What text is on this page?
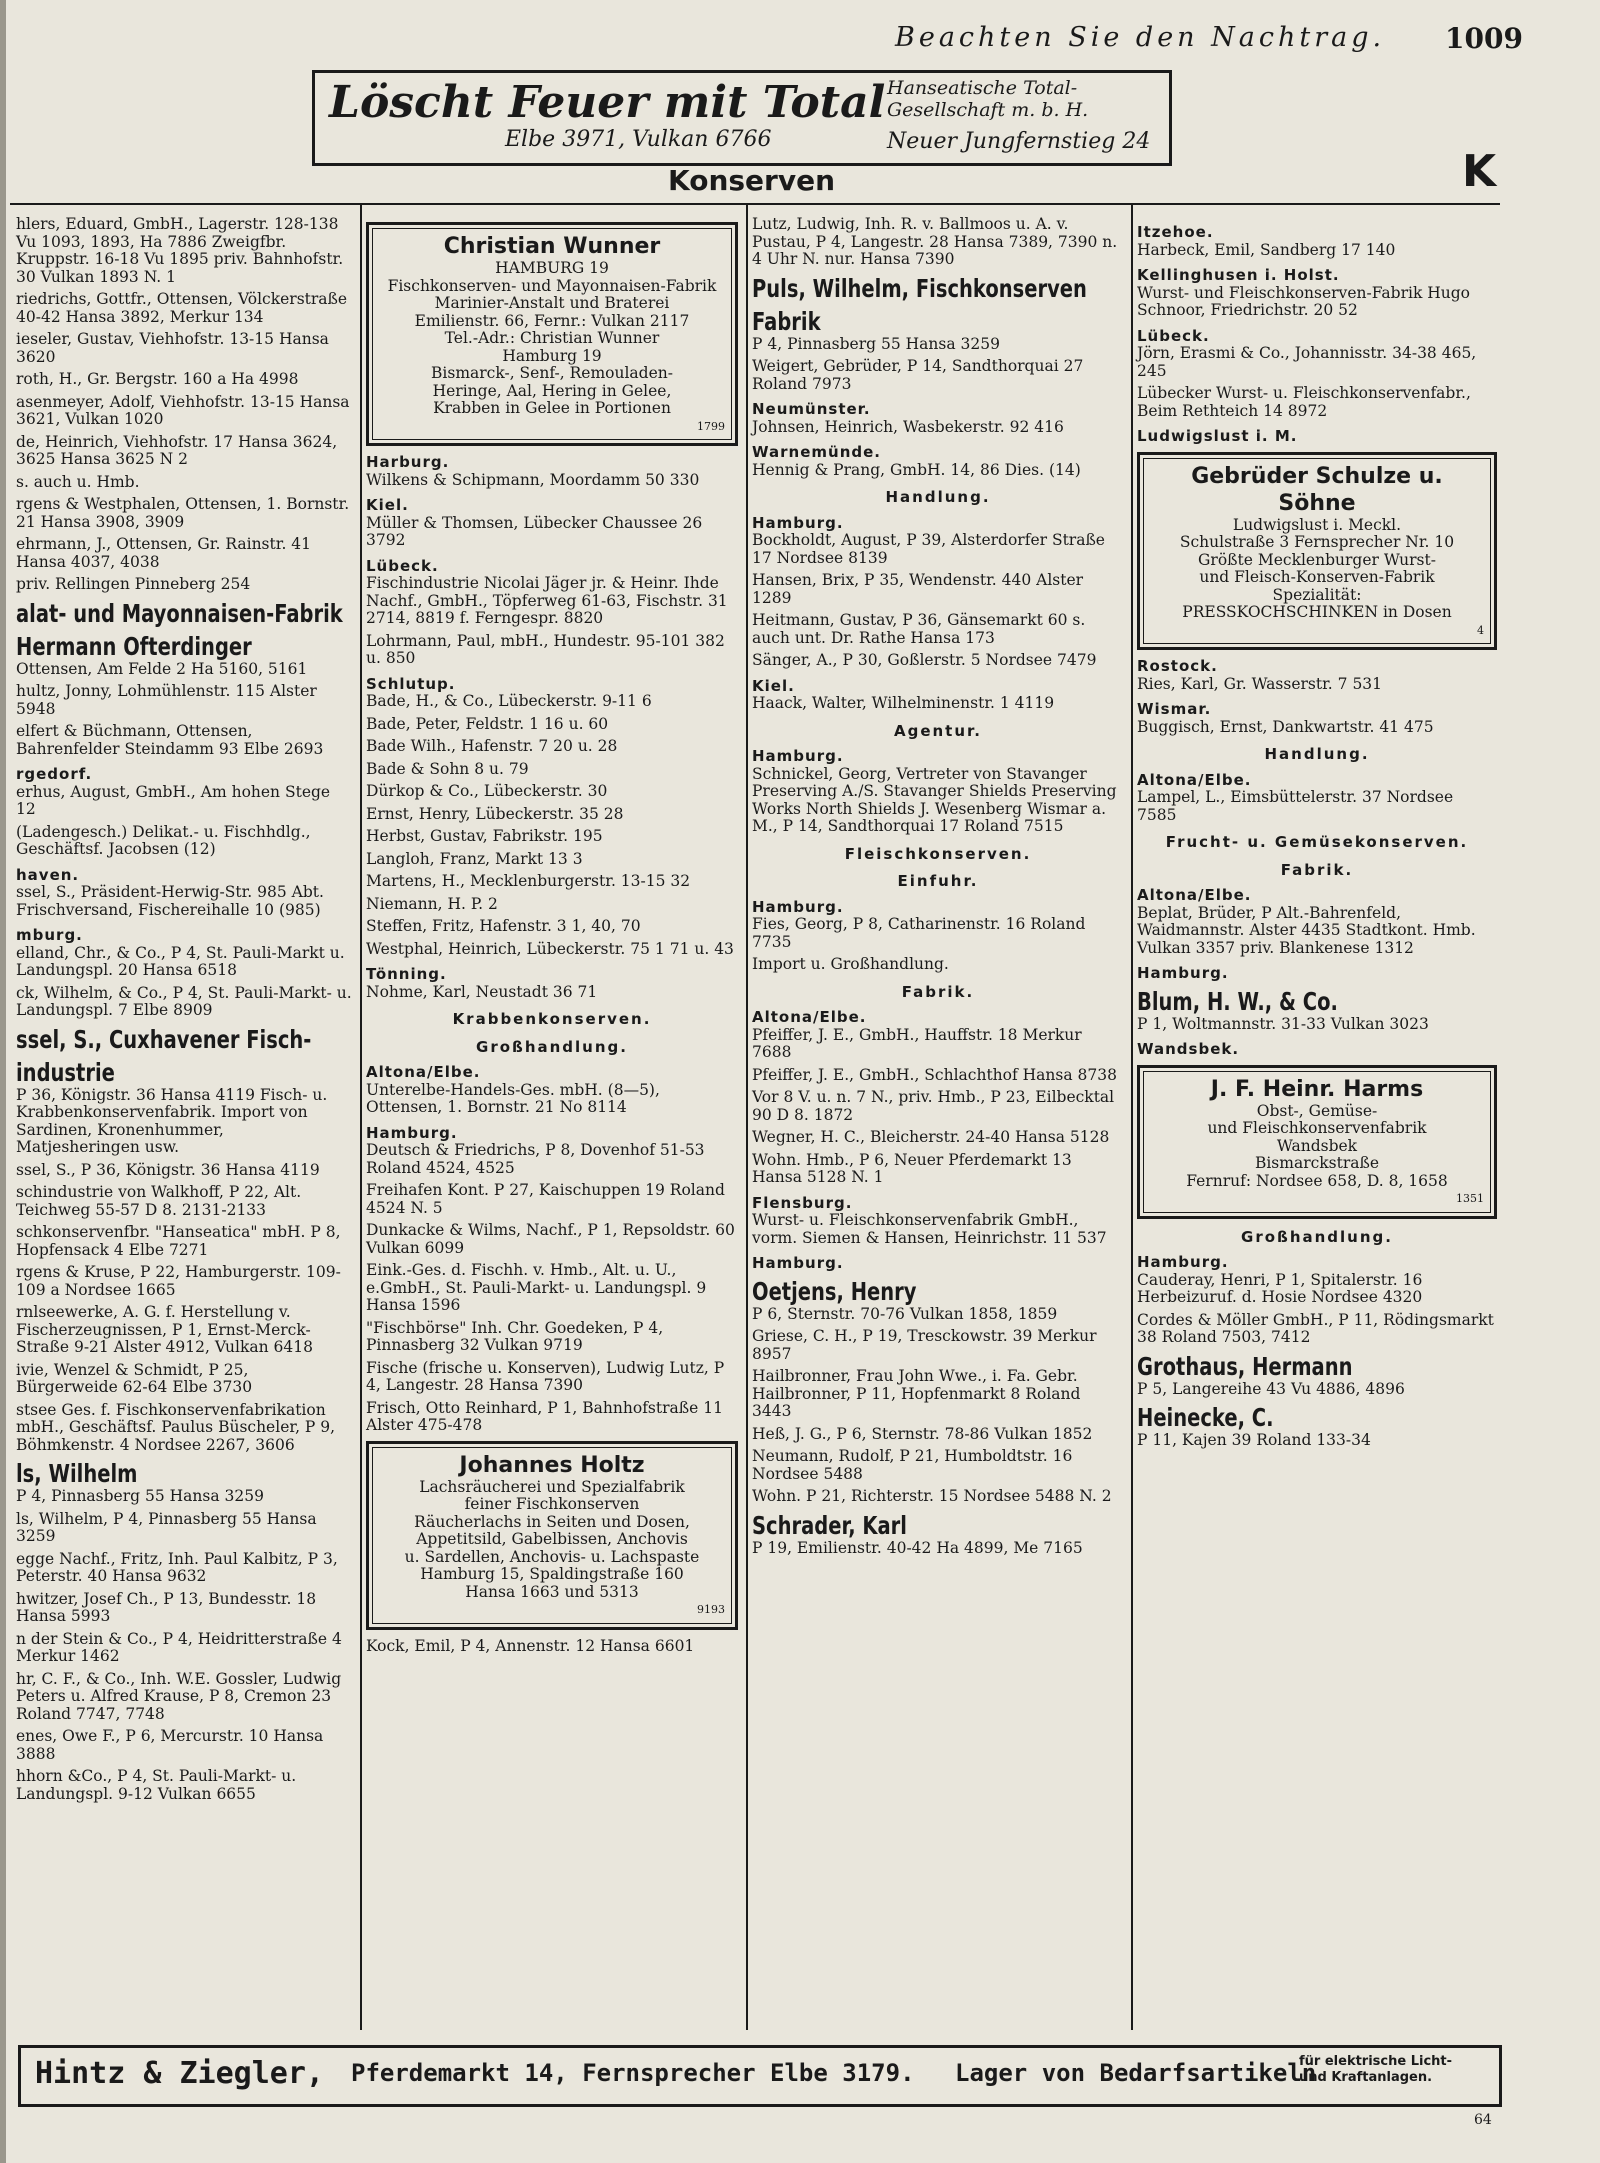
Beachten Sie den Nachtrag. 1009
Löscht Feuer mit Total
Elbe 3971, Vulkan 6766
Hanseatische Total-Gesellschaft m. b. H.
Neuer Jungfernstieg 24
Konserven	K

hlers, Eduard, GmbH., Lagerstr. 128-138 Vu 1093, 1893, Ha 7886 Zweigfbr. Kruppstr. 16-18 Vu 1895 priv. Bahnhofstr. 30 Vulkan 1893 N. 1

riedrichs, Gottfr., Ottensen, Völckerstraße 40-42 Hansa 3892, Merkur 134

ieseler, Gustav, Viehhofstr. 13-15 Hansa 3620

roth, H., Gr. Bergstr. 160 a Ha 4998

asenmeyer, Adolf, Viehhofstr. 13-15 Hansa 3621, Vulkan 1020

de, Heinrich, Viehhofstr. 17 Hansa 3624, 3625 Hansa 3625 N 2

s. auch u. Hmb.

rgens & Westphalen, Ottensen, 1. Bornstr. 21 Hansa 3908, 3909

ehrmann, J., Ottensen, Gr. Rainstr. 41 Hansa 4037, 4038

priv. Rellingen Pinneberg 254

alat- und Mayonnaisen-Fabrik

Hermann Ofterdinger

Ottensen, Am Felde 2 Ha 5160, 5161

hultz, Jonny, Lohmühlenstr. 115 Alster 5948

elfert & Büchmann, Ottensen, Bahrenfelder Steindamm 93 Elbe 2693

rgedorf.

erhus, August, GmbH., Am hohen Stege 12

(Ladengesch.) Delikat.- u. Fischhdlg., Geschäftsf. Jacobsen (12)

haven.

ssel, S., Präsident-Herwig-Str. 985 Abt. Frischversand, Fischereihalle 10 (985)

mburg.

elland, Chr., & Co., P 4, St. Pauli-Markt u. Landungspl. 20 Hansa 6518

ck, Wilhelm, & Co., P 4, St. Pauli-Markt- u. Landungspl. 7 Elbe 8909

ssel, S., Cuxhavener Fisch-

industrie

P 36, Königstr. 36 Hansa 4119 Fisch- u. Krabbenkonservenfabrik. Import von Sardinen, Kronenhummer, Matjesheringen usw.

ssel, S., P 36, Königstr. 36 Hansa 4119

schindustrie von Walkhoff, P 22, Alt. Teichweg 55-57 D 8. 2131-2133

schkonservenfbr. "Hanseatica" mbH. P 8, Hopfensack 4 Elbe 7271

rgens & Kruse, P 22, Hamburgerstr. 109-109 a Nordsee 1665

rnlseewerke, A. G. f. Herstellung v. Fischerzeugnissen, P 1, Ernst-Merck-Straße 9-21 Alster 4912, Vulkan 6418

ivie, Wenzel & Schmidt, P 25, Bürgerweide 62-64 Elbe 3730

stsee Ges. f. Fischkonservenfabrikation mbH., Geschäftsf. Paulus Büscheler, P 9, Böhmkenstr. 4 Nordsee 2267, 3606

ls, Wilhelm

P 4, Pinnasberg 55 Hansa 3259

ls, Wilhelm, P 4, Pinnasberg 55 Hansa 3259

egge Nachf., Fritz, Inh. Paul Kalbitz, P 3, Peterstr. 40 Hansa 9632

hwitzer, Josef Ch., P 13, Bundesstr. 18 Hansa 5993

n der Stein & Co., P 4, Heidritterstraße 4 Merkur 1462

hr, C. F., & Co., Inh. W.E. Gossler, Ludwig Peters u. Alfred Krause, P 8, Cremon 23 Roland 7747, 7748

enes, Owe F., P 6, Mercurstr. 10 Hansa 3888

hhorn &Co., P 4, St. Pauli-Markt- u. Landungspl. 9-12 Vulkan 6655

Christian Wunner

HAMBURG 19

Fischkonserven- und Mayonnaisen-Fabrik

Marinier-Anstalt und Braterei

Emilienstr. 66, Fernr.: Vulkan 2117

Tel.-Adr.: Christian Wunner

Hamburg 19

Bismarck-, Senf-, Remouladen-

Heringe, Aal, Hering in Gelee,

Krabben in Gelee in Portionen

1799

Harburg.

Wilkens & Schipmann, Moordamm 50 330

Kiel.

Müller & Thomsen, Lübecker Chaussee 26 3792

Lübeck.

Fischindustrie Nicolai Jäger jr. & Heinr. Ihde Nachf., GmbH., Töpferweg 61-63, Fischstr. 31 2714, 8819 f. Ferngespr. 8820

Lohrmann, Paul, mbH., Hundestr. 95-101 382 u. 850

Schlutup.

Bade, H., & Co., Lübeckerstr. 9-11 6

Bade, Peter, Feldstr. 1 16 u. 60

Bade Wilh., Hafenstr. 7 20 u. 28

Bade & Sohn 8 u. 79

Dürkop & Co., Lübeckerstr. 30

Ernst, Henry, Lübeckerstr. 35 28

Herbst, Gustav, Fabrikstr. 195

Langloh, Franz, Markt 13 3

Martens, H., Mecklenburgerstr. 13-15 32

Niemann, H. P. 2

Steffen, Fritz, Hafenstr. 3 1, 40, 70

Westphal, Heinrich, Lübeckerstr. 75 1 71 u. 43

Tönning.

Nohme, Karl, Neustadt 36 71

Krabbenkonserven.

Großhandlung.

Altona/Elbe.

Unterelbe-Handels-Ges. mbH. (8—5), Ottensen, 1. Bornstr. 21 No 8114

Hamburg.

Deutsch & Friedrichs, P 8, Dovenhof 51-53 Roland 4524, 4525

Freihafen Kont. P 27, Kaischuppen 19 Roland 4524 N. 5

Dunkacke & Wilms, Nachf., P 1, Repsoldstr. 60 Vulkan 6099

Eink.-Ges. d. Fischh. v. Hmb., Alt. u. U., e.GmbH., St. Pauli-Markt- u. Landungspl. 9 Hansa 1596

"Fischbörse" Inh. Chr. Goedeken, P 4, Pinnasberg 32 Vulkan 9719

Fische (frische u. Konserven), Ludwig Lutz, P 4, Langestr. 28 Hansa 7390

Frisch, Otto Reinhard, P 1, Bahnhofstraße 11 Alster 475-478

Johannes Holtz

Lachsräucherei und Spezialfabrik

feiner Fischkonserven

Räucherlachs in Seiten und Dosen,

Appetitsild, Gabelbissen, Anchovis

u. Sardellen, Anchovis- u. Lachspaste

Hamburg 15, Spaldingstraße 160

Hansa 1663 und 5313

9193

Kock, Emil, P 4, Annenstr. 12 Hansa 6601

Lutz, Ludwig, Inh. R. v. Ballmoos u. A. v. Pustau, P 4, Langestr. 28 Hansa 7389, 7390 n. 4 Uhr N. nur. Hansa 7390

Puls, Wilhelm, Fischkonserven

Fabrik

P 4, Pinnasberg 55 Hansa 3259

Weigert, Gebrüder, P 14, Sandthorquai 27 Roland 7973

Neumünster.

Johnsen, Heinrich, Wasbekerstr. 92 416

Warnemünde.

Hennig & Prang, GmbH. 14, 86 Dies. (14)

Handlung.

Hamburg.

Bockholdt, August, P 39, Alsterdorfer Straße 17 Nordsee 8139

Hansen, Brix, P 35, Wendenstr. 440 Alster 1289

Heitmann, Gustav, P 36, Gänsemarkt 60 s. auch unt. Dr. Rathe Hansa 173

Sänger, A., P 30, Goßlerstr. 5 Nordsee 7479

Kiel.

Haack, Walter, Wilhelminenstr. 1 4119

Agentur.

Hamburg.

Schnickel, Georg, Vertreter von Stavanger Preserving A./S. Stavanger Shields Preserving Works North Shields J. Wesenberg Wismar a. M., P 14, Sandthorquai 17 Roland 7515

Fleischkonserven.

Einfuhr.

Hamburg.

Fies, Georg, P 8, Catharinenstr. 16 Roland 7735

Import u. Großhandlung.

Fabrik.

Altona/Elbe.

Pfeiffer, J. E., GmbH., Hauffstr. 18 Merkur 7688

Pfeiffer, J. E., GmbH., Schlachthof Hansa 8738

Vor 8 V. u. n. 7 N., priv. Hmb., P 23, Eilbecktal 90 D 8. 1872

Wegner, H. C., Bleicherstr. 24-40 Hansa 5128

Wohn. Hmb., P 6, Neuer Pferdemarkt 13 Hansa 5128 N. 1

Flensburg.

Wurst- u. Fleischkonservenfabrik GmbH., vorm. Siemen & Hansen, Heinrichstr. 11 537

Hamburg.

Oetjens, Henry

P 6, Sternstr. 70-76 Vulkan 1858, 1859

Griese, C. H., P 19, Tresckowstr. 39 Merkur 8957

Hailbronner, Frau John Wwe., i. Fa. Gebr. Hailbronner, P 11, Hopfenmarkt 8 Roland 3443

Heß, J. G., P 6, Sternstr. 78-86 Vulkan 1852

Neumann, Rudolf, P 21, Humboldtstr. 16 Nordsee 5488

Wohn. P 21, Richterstr. 15 Nordsee 5488 N. 2

Schrader, Karl

P 19, Emilienstr. 40-42 Ha 4899, Me 7165

Itzehoe.

Harbeck, Emil, Sandberg 17 140

Kellinghusen i. Holst.

Wurst- und Fleischkonserven-Fabrik Hugo Schnoor, Friedrichstr. 20 52

Lübeck.

Jörn, Erasmi & Co., Johannisstr. 34-38 465, 245

Lübecker Wurst- u. Fleischkonservenfabr., Beim Rethteich 14 8972

Ludwigslust i. M.

Gebrüder Schulze u. Söhne

Ludwigslust i. Meckl.

Schulstraße 3 Fernsprecher Nr. 10

Größte Mecklenburger Wurst-

und Fleisch-Konserven-Fabrik

Spezialität:

PRESSKOCHSCHINKEN in Dosen

4

Rostock.

Ries, Karl, Gr. Wasserstr. 7 531

Wismar.

Buggisch, Ernst, Dankwartstr. 41 475

Handlung.

Altona/Elbe.

Lampel, L., Eimsbüttelerstr. 37 Nordsee 7585

Frucht- u. Gemüsekonserven.

Fabrik.

Altona/Elbe.

Beplat, Brüder, P Alt.-Bahrenfeld, Waidmannstr. Alster 4435 Stadtkont. Hmb. Vulkan 3357 priv. Blankenese 1312

Hamburg.

Blum, H. W., & Co.

P 1, Woltmannstr. 31-33 Vulkan 3023

Wandsbek.

J. F. Heinr. Harms

Obst-, Gemüse-

und Fleischkonservenfabrik

Wandsbek

Bismarckstraße

Fernruf: Nordsee 658, D. 8, 1658

1351

Großhandlung.

Hamburg.

Cauderay, Henri, P 1, Spitalerstr. 16 Herbeizuruf. d. Hosie Nordsee 4320

Cordes & Möller GmbH., P 11, Rödingsmarkt 38 Roland 7503, 7412

Grothaus, Hermann

P 5, Langereihe 43 Vu 4886, 4896

Heinecke, C.

P 11, Kajen 39 Roland 133-34

Hintz & Ziegler, Pferdemarkt 14, Fernsprecher Elbe 3179. Lager von Bedarfsartikeln
für elektrische Licht-
und Kraftanlagen.
64
